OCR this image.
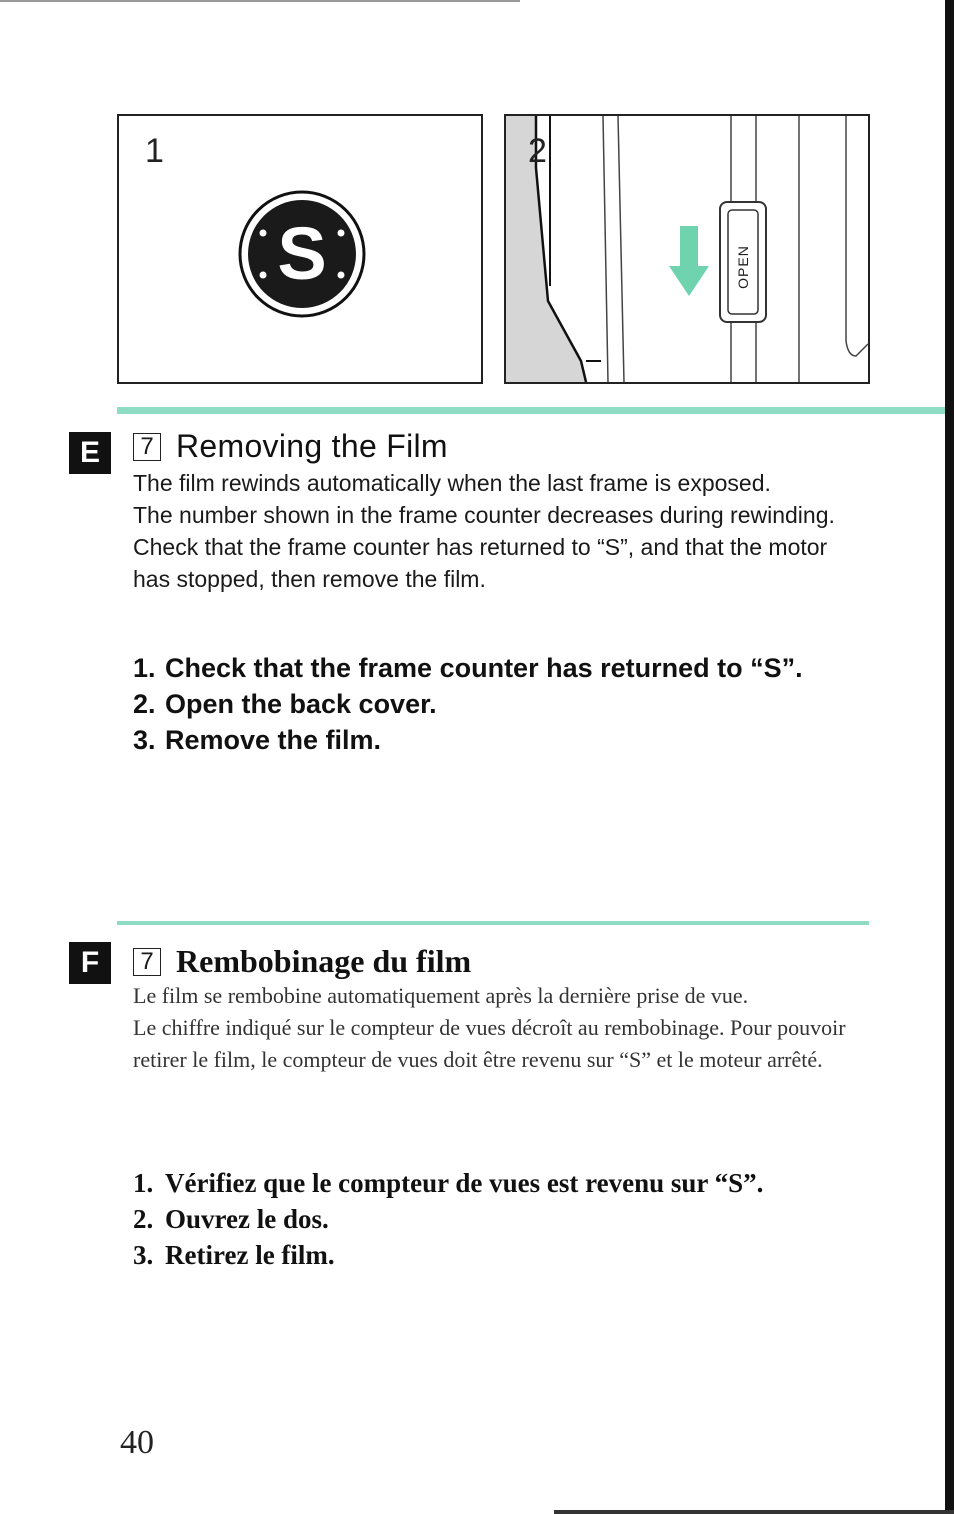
1
S
2
OPEN
E	7 Removing the Film

The film rewinds automatically when the last frame is exposed.

The number shown in the frame counter decreases during rewinding. Check that the frame counter has returned to “S”, and that the motor has stopped, then remove the film.

1. Check that the frame counter has returned to “S”.
2. Open the back cover.
3. Remove the film.
F	7 Rembobinage du film

Le film se rembobine automatiquement après la dernière prise de vue.

Le chiffre indiqué sur le compteur de vues décroît au rembobinage. Pour pouvoir retirer le film, le compteur de vues doit être revenu sur “S” et le moteur arrêté.

1. Vérifiez que le compteur de vues est revenu sur “S”.
2. Ouvrez le dos.
3. Retirez le film.
40
